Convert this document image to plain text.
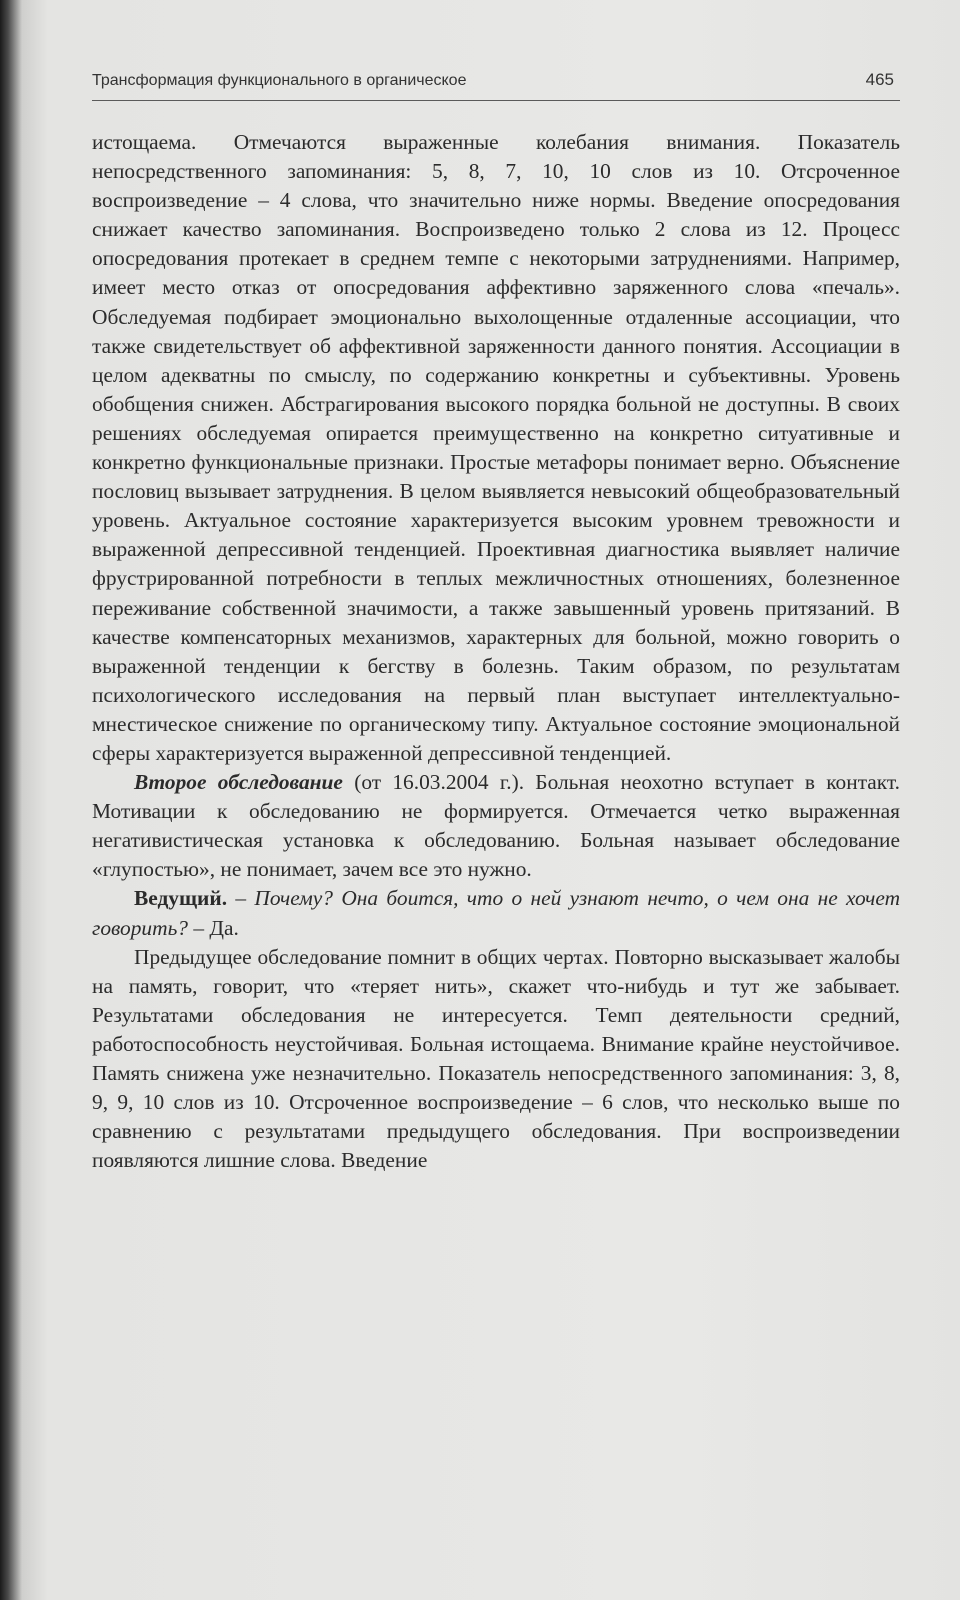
Трансформация функционального в органическое	465

истощаема. Отмечаются выраженные колебания внимания. Показатель непосредственного запоминания: 5, 8, 7, 10, 10 слов из 10. Отсроченное воспроизведение – 4 слова, что значительно ниже нормы. Введение опосредования снижает качество запоминания. Воспроизведено только 2 слова из 12. Процесс опосредования протекает в среднем темпе с некоторыми затруднениями. Например, имеет место отказ от опосредования аффективно заряженного слова «печаль». Обследуемая подбирает эмоционально выхолощенные отдаленные ассоциации, что также свидетельствует об аффективной заряженности данного понятия. Ассоциации в целом адекватны по смыслу, по содержанию конкретны и субъективны. Уровень обобщения снижен. Абстрагирования высокого порядка больной не доступны. В своих решениях обследуемая опирается преимущественно на конкретно ситуативные и конкретно функциональные признаки. Простые метафоры понимает верно. Объяснение пословиц вызывает затруднения. В целом выявляется невысокий общеобразовательный уровень. Актуальное состояние характеризуется высоким уровнем тревожности и выраженной депрессивной тенденцией. Проективная диагностика выявляет наличие фрустрированной потребности в теплых межличностных отношениях, болезненное переживание собственной значимости, а также завышенный уровень притязаний. В качестве компенсаторных механизмов, характерных для больной, можно говорить о выраженной тенденции к бегству в болезнь. Таким образом, по результатам психологического исследования на первый план выступает интеллектуально-мнестическое снижение по органическому типу. Актуальное состояние эмоциональной сферы характеризуется выраженной депрессивной тенденцией.

Второе обследование (от 16.03.2004 г.). Больная неохотно вступает в контакт. Мотивации к обследованию не формируется. Отмечается четко выраженная негативистическая установка к обследованию. Больная называет обследование «глупостью», не понимает, зачем все это нужно.

Ведущий. – Почему? Она боится, что о ней узнают нечто, о чем она не хочет говорить? – Да.

Предыдущее обследование помнит в общих чертах. Повторно высказывает жалобы на память, говорит, что «теряет нить», скажет что-нибудь и тут же забывает. Результатами обследования не интересуется. Темп деятельности средний, работоспособность неустойчивая. Больная истощаема. Внимание крайне неустойчивое. Память снижена уже незначительно. Показатель непосредственного запоминания: 3, 8, 9, 9, 10 слов из 10. Отсроченное воспроизведение – 6 слов, что несколько выше по сравнению с результатами предыдущего обследования. При воспроизведении появляются лишние слова. Введение
